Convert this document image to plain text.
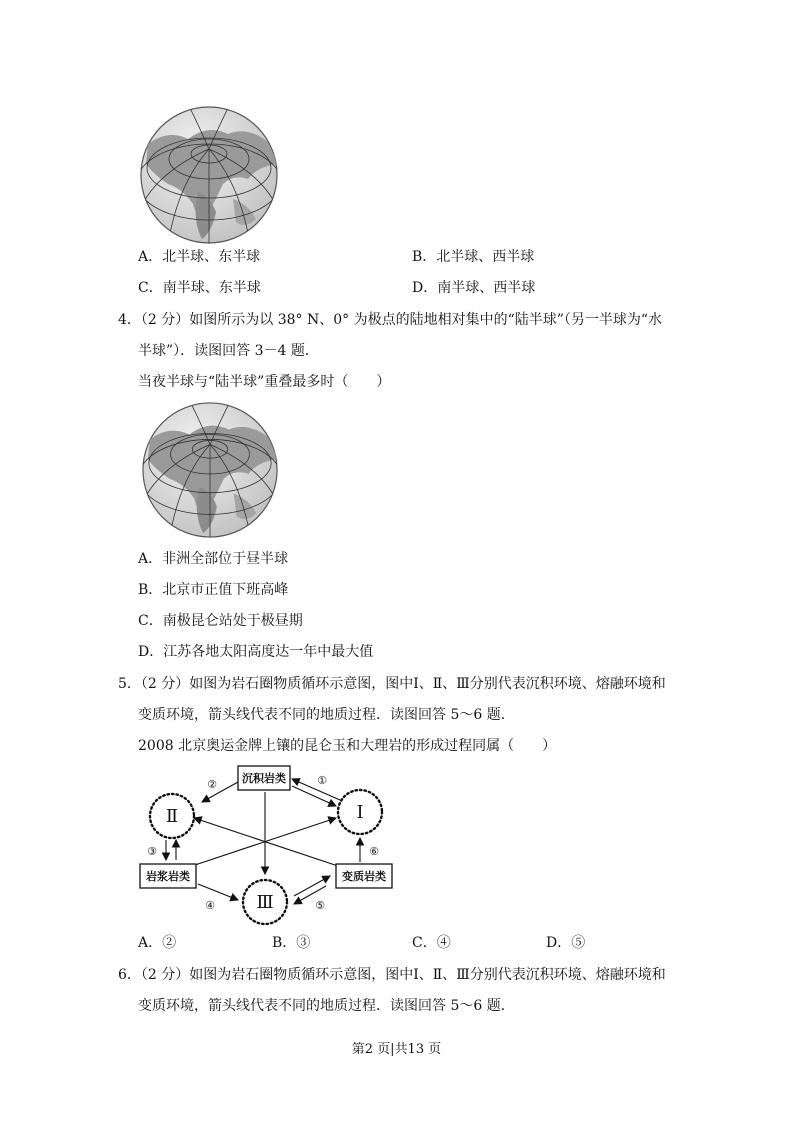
A．北半球、东半球	B．北半球、西半球
C．南半球、东半球	D．南半球、西半球
4．（2 分）如图所示为以 38° N、0° 为极点的陆地相对集中的“陆半球”（另一半球为“水
半球”）．读图回答 3－4 题．
当夜半球与“陆半球”重叠最多时（　　）
A．非洲全部位于昼半球
B．北京市正值下班高峰
C．南极昆仑站处于极昼期
D．江苏各地太阳高度达一年中最大值
5．（2 分）如图为岩石圈物质循环示意图，图中Ⅰ、Ⅱ、Ⅲ分别代表沉积环境、熔融环境和
变质环境，箭头线代表不同的地质过程．读图回答 5～6 题．
2008 北京奥运金牌上镶的昆仑玉和大理岩的形成过程同属（　　）
沉积岩类
岩浆岩类	变质岩类
Ⅱ	Ⅰ
Ⅲ
②	①
③	⑥
④	⑤
A．②	B．③	C．④	D．⑤
6．（2 分）如图为岩石圈物质循环示意图，图中Ⅰ、Ⅱ、Ⅲ分别代表沉积环境、熔融环境和
变质环境，箭头线代表不同的地质过程．读图回答 5～6 题．
第2 页|共13 页
